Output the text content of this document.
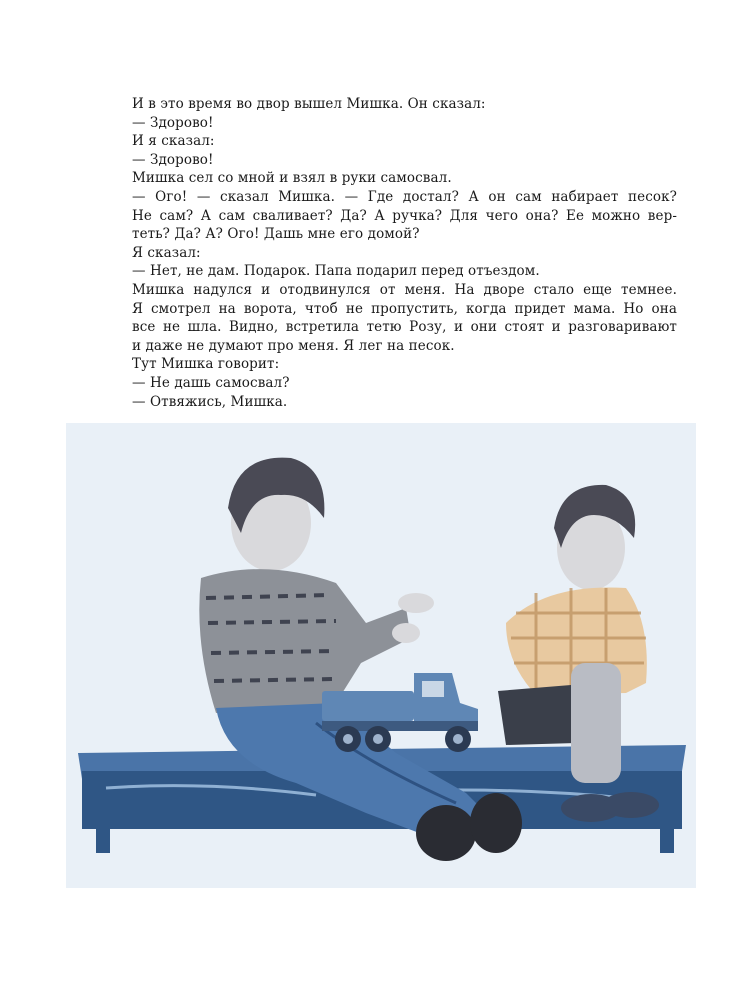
И в это время во двор вышел Мишка. Он сказал:
— Здорово!
И я сказал:
— Здорово!
Мишка сел со мной и взял в руки самосвал.
— Ого! — сказал Мишка. — Где достал? А он сам набирает песок?
Не сам? А сам сваливает? Да? А ручка? Для чего она? Ее можно вер-
теть? Да? А? Ого! Дашь мне его домой?
Я сказал:
— Нет, не дам. Подарок. Папа подарил перед отъездом.
Мишка надулся и отодвинулся от меня. На дворе стало еще темнее.
Я смотрел на ворота, чтоб не пропустить, когда придет мама. Но она
все не шла. Видно, встретила тетю Розу, и они стоят и разговаривают
и даже не думают про меня. Я лег на песок.
Тут Мишка говорит:
— Не дашь самосвал?
— Отвяжись, Мишка.
